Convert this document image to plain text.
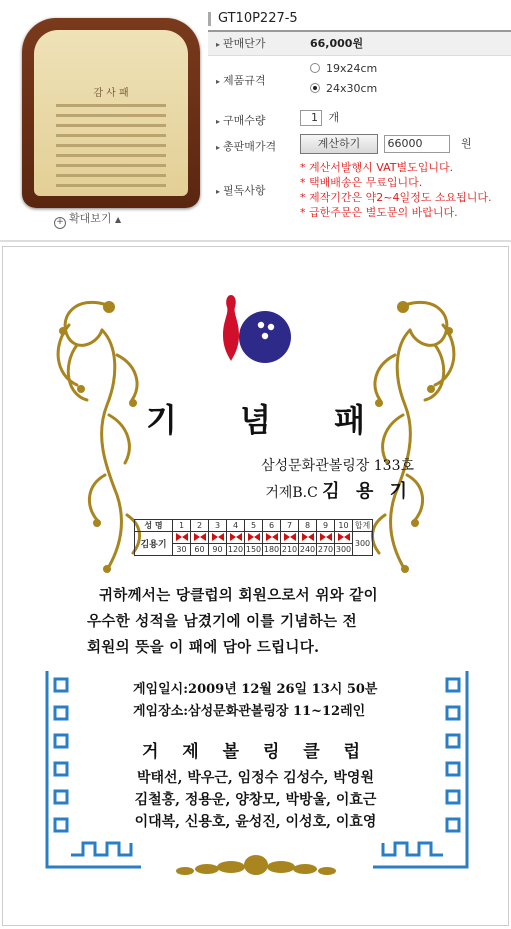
감 사 패
+ 확대보기 ▲
GT10P227-5
▸ 판매단가	66,000원
▸ 제품규격
19x24cm
24x30cm
▸ 구매수량	1 개
▸ 총판매가격	계산하기 66000	원
▸ 필독사항
* 계산서발행시 VAT별도입니다.
* 택배배송은 무료입니다.
* 제작기간은 약2~4일정도 소요됩니다.
* 급한주문은 별도문의 바랍니다.
기 념 패
삼성문화관볼링장 133호
거제B.C 김 용 기
성 명	1	2	3	4	5	6	7	8	9	10	합계
김용기											300
	30	60	90	120	150	180	210	240	270	300	
귀하께서는 당클럽의 회원으로서 위와 같이
우수한 성적을 남겼기에 이를 기념하는 전
회원의 뜻을 이 패에 담아 드립니다.
게임일시:2009년 12월 26일 13시 50분
게임장소:삼성문화관볼링장 11~12레인
거 제 볼 링 클 럽
박태선, 박우근, 임정수 김성수, 박영원
김철홍, 정용운, 양창모, 박방울, 이효근
이대복, 신용호, 윤성진, 이성호, 이효영
